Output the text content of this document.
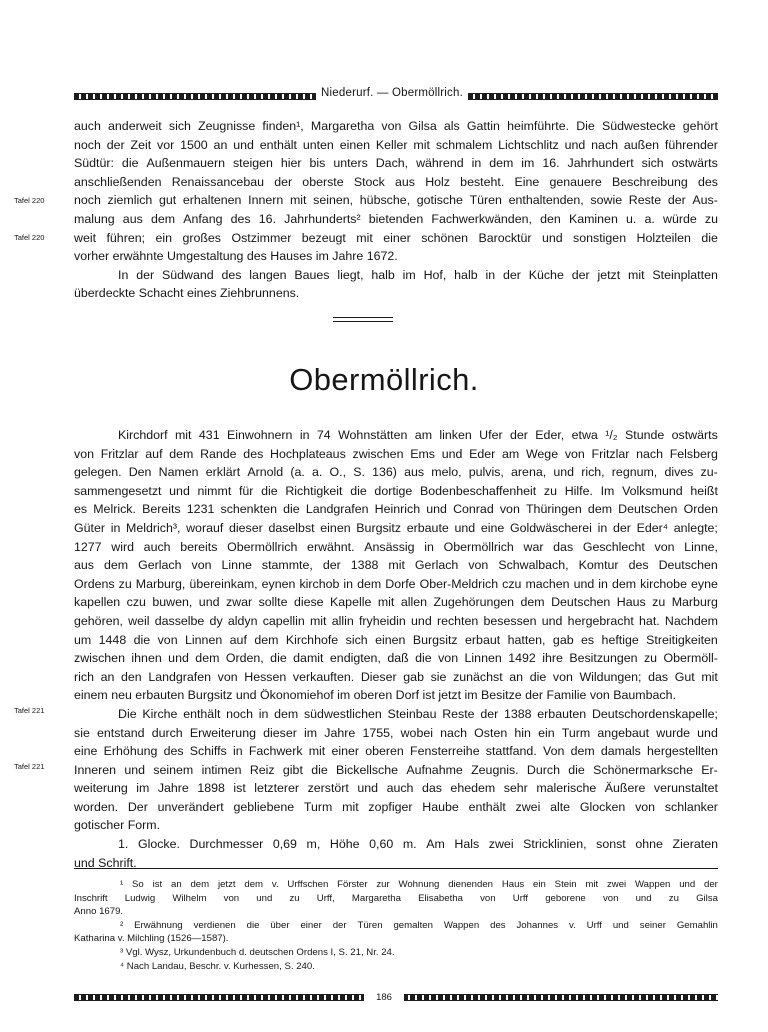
Niederurf. — Obermöllrich.
Tafel 220
Tafel 220
Tafel 221
Tafel 221
auch anderweit sich Zeugnisse finden¹, Margaretha von Gilsa als Gattin heimführte. Die Südwestecke gehört
noch der Zeit vor 1500 an und enthält unten einen Keller mit schmalem Lichtschlitz und nach außen führender
Südtür: die Außenmauern steigen hier bis unters Dach, während in dem im 16. Jahrhundert sich ostwärts
anschließenden Renaissancebau der oberste Stock aus Holz besteht. Eine genauere Beschreibung des
noch ziemlich gut erhaltenen Innern mit seinen, hübsche, gotische Türen enthaltenden, sowie Reste der Aus-
malung aus dem Anfang des 16. Jahrhunderts² bietenden Fachwerkwänden, den Kaminen u. a. würde zu
weit führen; ein großes Ostzimmer bezeugt mit einer schönen Barocktür und sonstigen Holzteilen die
vorher erwähnte Umgestaltung des Hauses im Jahre 1672.
In der Südwand des langen Baues liegt, halb im Hof, halb in der Küche der jetzt mit Steinplatten
überdeckte Schacht eines Ziehbrunnens.
Obermöllrich.
Kirchdorf mit 431 Einwohnern in 74 Wohnstätten am linken Ufer der Eder, etwa ¹/₂ Stunde ostwärts
von Fritzlar auf dem Rande des Hochplateaus zwischen Ems und Eder am Wege von Fritzlar nach Felsberg
gelegen. Den Namen erklärt Arnold (a. a. O., S. 136) aus melo, pulvis, arena, und rich, regnum, dives zu-
sammengesetzt und nimmt für die Richtigkeit die dortige Bodenbeschaffenheit zu Hilfe. Im Volksmund heißt
es Melrick. Bereits 1231 schenkten die Landgrafen Heinrich und Conrad von Thüringen dem Deutschen Orden
Güter in Meldrich³, worauf dieser daselbst einen Burgsitz erbaute und eine Goldwäscherei in der Eder⁴ anlegte;
1277 wird auch bereits Obermöllrich erwähnt. Ansässig in Obermöllrich war das Geschlecht von Linne,
aus dem Gerlach von Linne stammte, der 1388 mit Gerlach von Schwalbach, Komtur des Deutschen
Ordens zu Marburg, übereinkam, eynen kirchob in dem Dorfe Ober-Meldrich czu machen und in dem kirchobe eyne
kapellen czu buwen, und zwar sollte diese Kapelle mit allen Zugehörungen dem Deutschen Haus zu Marburg
gehören, weil dasselbe dy aldyn capellin mit allin fryheidin und rechten besessen und hergebracht hat. Nachdem
um 1448 die von Linnen auf dem Kirchhofe sich einen Burgsitz erbaut hatten, gab es heftige Streitigkeiten
zwischen ihnen und dem Orden, die damit endigten, daß die von Linnen 1492 ihre Besitzungen zu Obermöll-
rich an den Landgrafen von Hessen verkauften. Dieser gab sie zunächst an die von Wildungen; das Gut mit
einem neu erbauten Burgsitz und Ökonomiehof im oberen Dorf ist jetzt im Besitze der Familie von Baumbach.
Die Kirche enthält noch in dem südwestlichen Steinbau Reste der 1388 erbauten Deutschordenskapelle;
sie entstand durch Erweiterung dieser im Jahre 1755, wobei nach Osten hin ein Turm angebaut wurde und
eine Erhöhung des Schiffs in Fachwerk mit einer oberen Fensterreihe stattfand. Von dem damals hergestellten
Inneren und seinem intimen Reiz gibt die Bickellsche Aufnahme Zeugnis. Durch die Schönermarksche Er-
weiterung im Jahre 1898 ist letzterer zerstört und auch das ehedem sehr malerische Äußere verunstaltet
worden. Der unverändert gebliebene Turm mit zopfiger Haube enthält zwei alte Glocken von schlanker
gotischer Form.
1. Glocke. Durchmesser 0,69 m, Höhe 0,60 m. Am Hals zwei Stricklinien, sonst ohne Zieraten
und Schrift.
¹ So ist an dem jetzt dem v. Urffschen Förster zur Wohnung dienenden Haus ein Stein mit zwei Wappen und der
Inschrift Ludwig Wilhelm von und zu Urff, Margaretha Elisabetha von Urff geborene von und zu Gilsa
Anno 1679.
² Erwähnung verdienen die über einer der Türen gemalten Wappen des Johannes v. Urff und seiner Gemahlin
Katharina v. Milchling (1526—1587).
³ Vgl. Wysz, Urkundenbuch d. deutschen Ordens I, S. 21, Nr. 24.
⁴ Nach Landau, Beschr. v. Kurhessen, S. 240.
186
